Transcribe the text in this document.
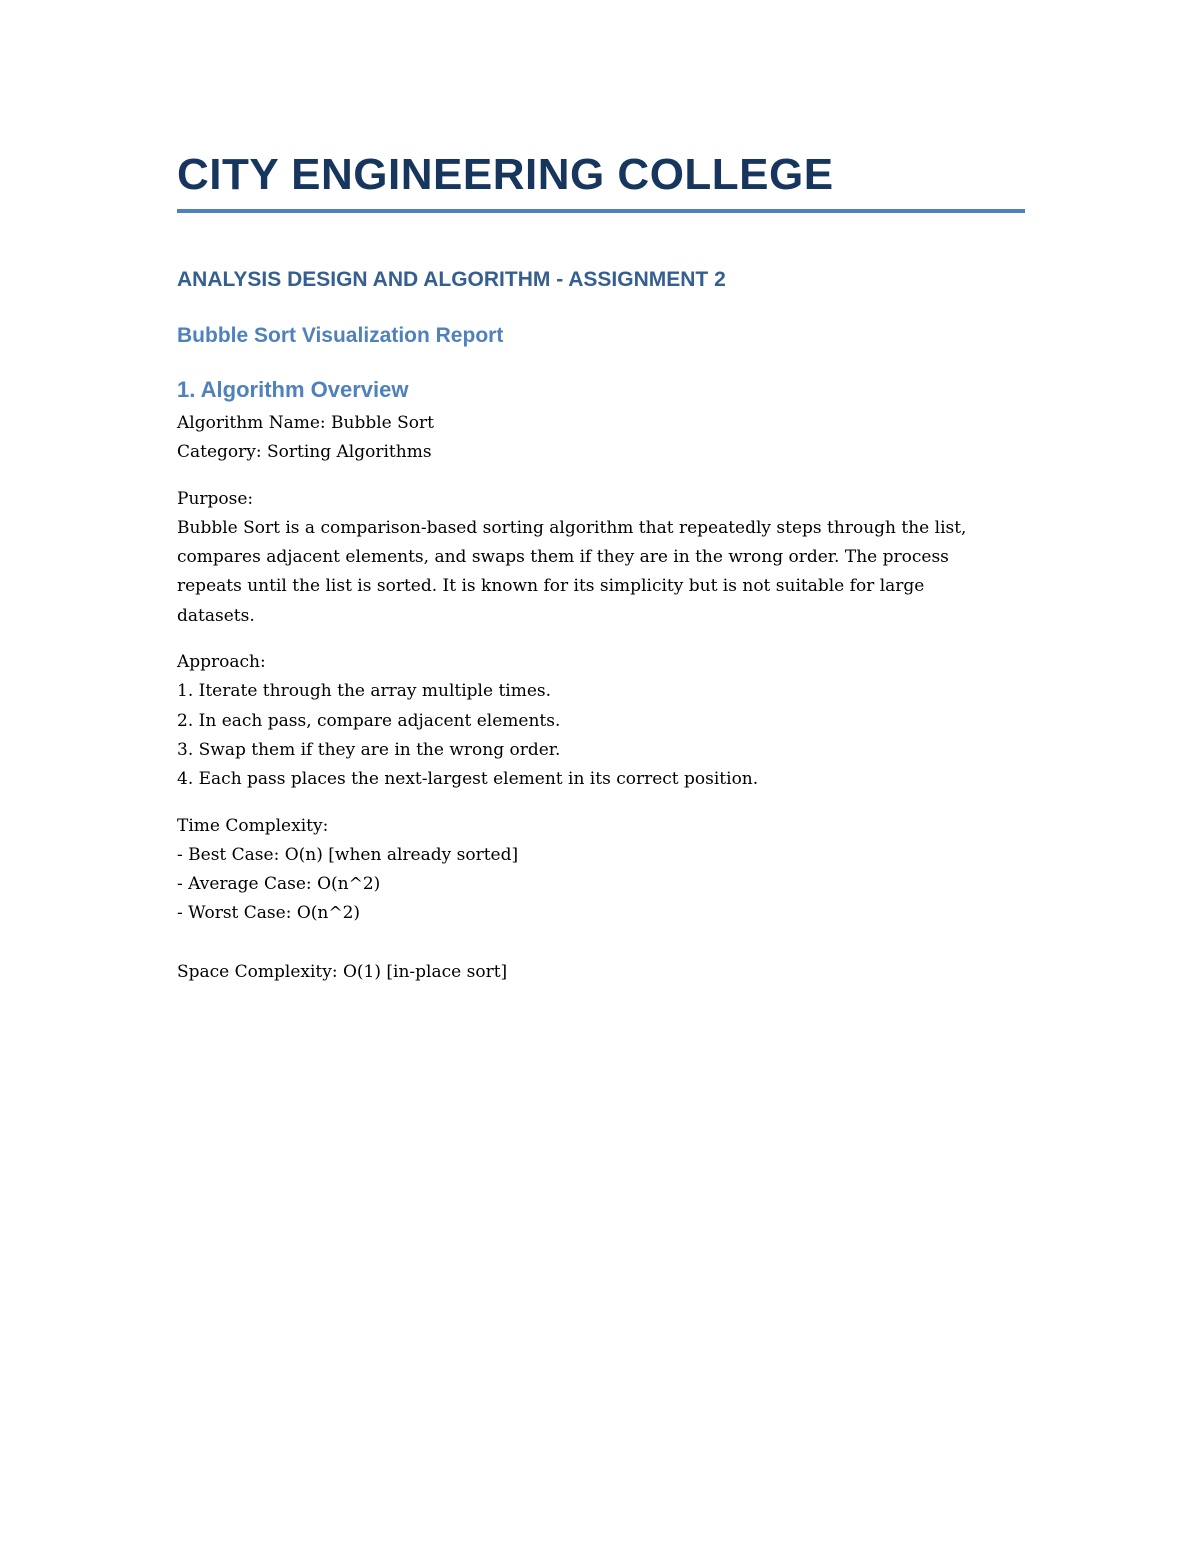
CITY ENGINEERING COLLEGE
ANALYSIS DESIGN AND ALGORITHM - ASSIGNMENT 2
Bubble Sort Visualization Report
1. Algorithm Overview
Algorithm Name: Bubble Sort
Category: Sorting Algorithms
Purpose:
Bubble Sort is a comparison-based sorting algorithm that repeatedly steps through the list,
compares adjacent elements, and swaps them if they are in the wrong order. The process
repeats until the list is sorted. It is known for its simplicity but is not suitable for large
datasets.
Approach:
1. Iterate through the array multiple times.
2. In each pass, compare adjacent elements.
3. Swap them if they are in the wrong order.
4. Each pass places the next-largest element in its correct position.
Time Complexity:
- Best Case: O(n) [when already sorted]
- Average Case: O(n^2)
- Worst Case: O(n^2)
Space Complexity: O(1) [in-place sort]
